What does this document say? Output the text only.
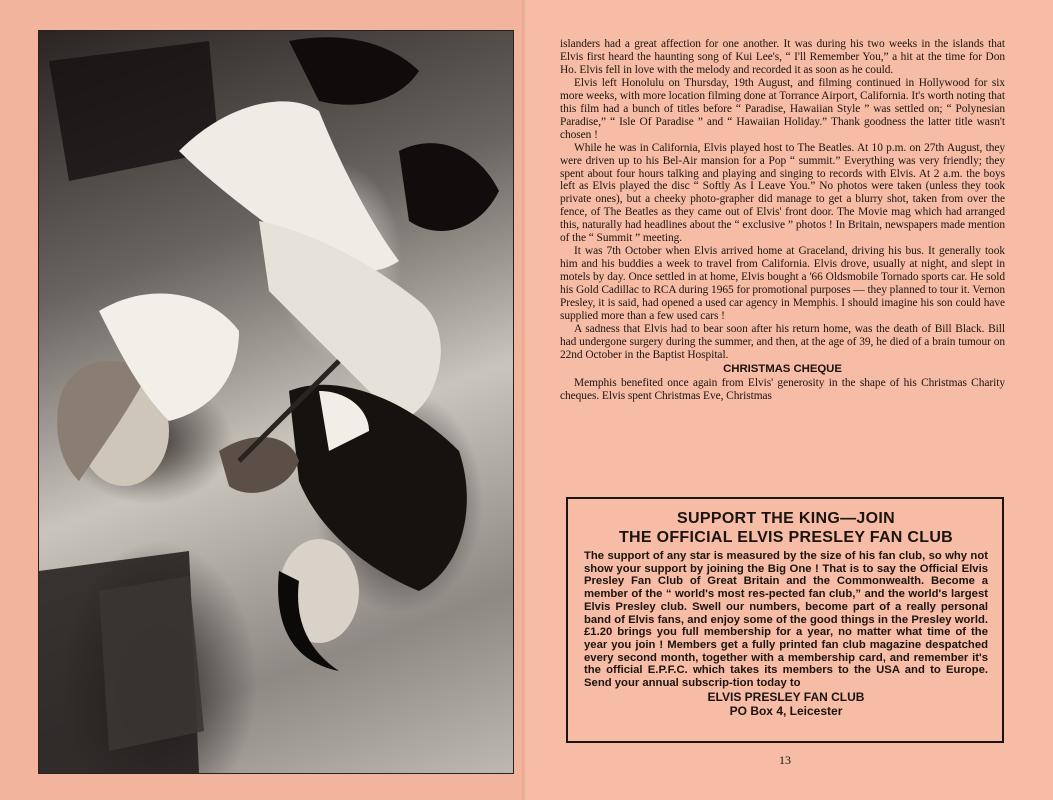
islanders had a great affection for one another. It was during his two weeks in the islands that Elvis first heard the haunting song of Kui Lee's, “ I'll Remember You,” a hit at the time for Don Ho. Elvis fell in love with the melody and recorded it as soon as he could.

Elvis left Honolulu on Thursday, 19th August, and filming continued in Hollywood for six more weeks, with more location filming done at Torrance Airport, California. It's worth noting that this film had a bunch of titles before “ Paradise, Hawaiian Style ” was settled on; “ Polynesian Paradise,” “ Isle Of Paradise ” and “ Hawaiian Holiday.” Thank goodness the latter title wasn't chosen !

While he was in California, Elvis played host to The Beatles. At 10 p.m. on 27th August, they were driven up to his Bel-Air mansion for a Pop “ summit.” Everything was very friendly; they spent about four hours talking and playing and singing to records with Elvis. At 2 a.m. the boys left as Elvis played the disc “ Softly As I Leave You.” No photos were taken (unless they took private ones), but a cheeky photo-grapher did manage to get a blurry shot, taken from over the fence, of The Beatles as they came out of Elvis' front door. The Movie mag which had arranged this, naturally had headlines about the “ exclusive ” photos ! In Britain, newspapers made mention of the “ Summit ” meeting.

It was 7th October when Elvis arrived home at Graceland, driving his bus. It generally took him and his buddies a week to travel from California. Elvis drove, usually at night, and slept in motels by day. Once settled in at home, Elvis bought a '66 Oldsmobile Tornado sports car. He sold his Gold Cadillac to RCA during 1965 for promotional purposes — they planned to tour it. Vernon Presley, it is said, had opened a used car agency in Memphis. I should imagine his son could have supplied more than a few used cars !

A sadness that Elvis had to bear soon after his return home, was the death of Bill Black. Bill had undergone surgery during the summer, and then, at the age of 39, he died of a brain tumour on 22nd October in the Baptist Hospital.

CHRISTMAS CHEQUE

Memphis benefited once again from Elvis' generosity in the shape of his Christmas Charity cheques. Elvis spent Christmas Eve, Christmas

SUPPORT THE KING—JOIN
THE OFFICIAL ELVIS PRESLEY FAN CLUB
The support of any star is measured by the size of his fan club, so why not show your support by joining the Big One ! That is to say the Official Elvis Presley Fan Club of Great Britain and the Commonwealth. Become a member of the “ world's most res-pected fan club,” and the world's largest Elvis Presley club. Swell our numbers, become part of a really personal band of Elvis fans, and enjoy some of the good things in the Presley world. £1.20 brings you full membership for a year, no matter what time of the year you join ! Members get a fully printed fan club magazine despatched every second month, together with a membership card, and remember it's the official E.P.F.C. which takes its members to the USA and to Europe. Send your annual subscrip-tion today to
ELVIS PRESLEY FAN CLUB
PO Box 4, Leicester
13
